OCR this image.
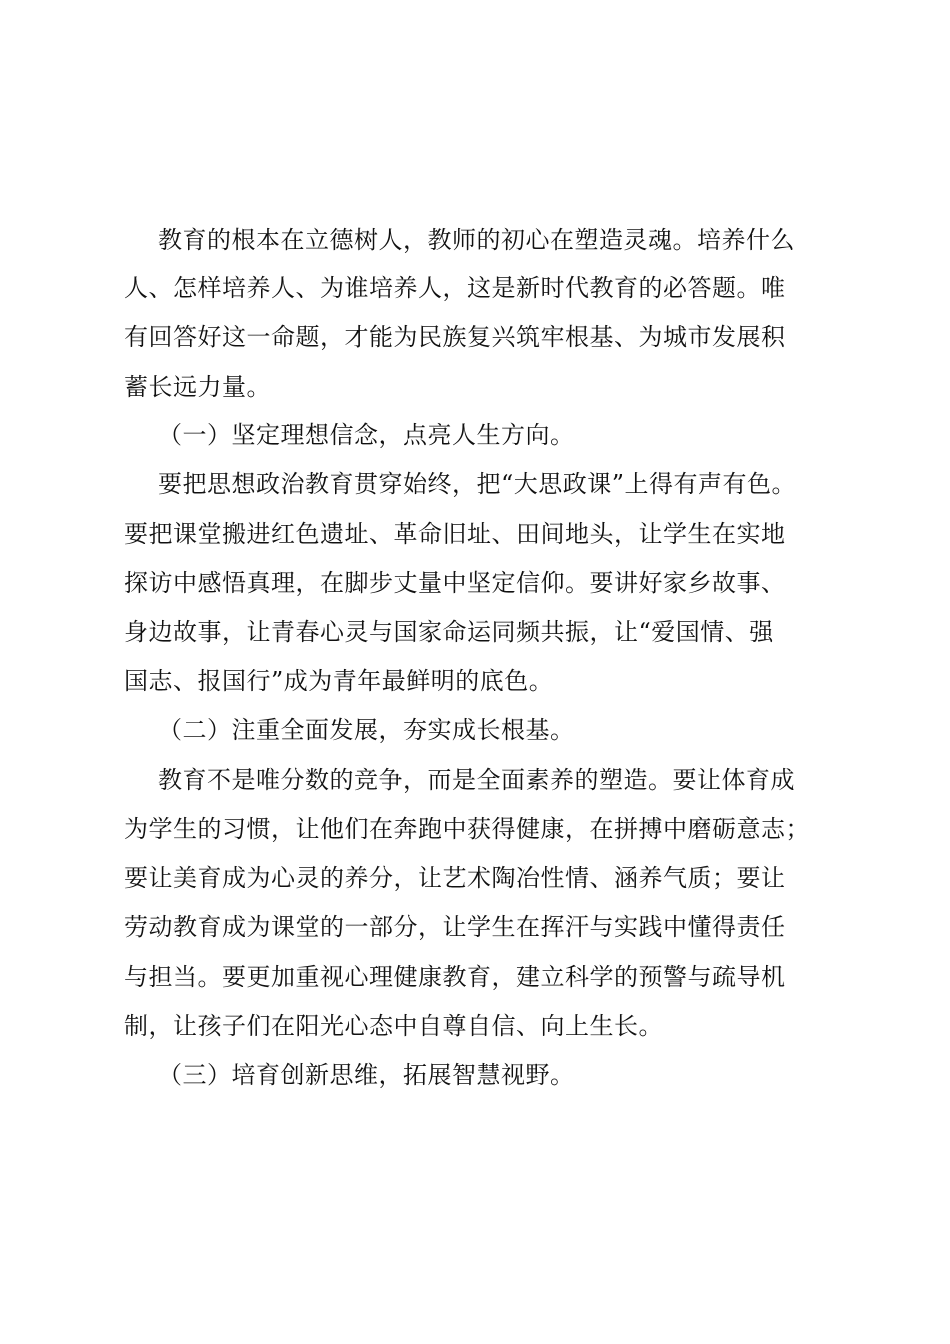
教育的根本在立德树人，教师的初心在塑造灵魂。培养什么
人、怎样培养人、为谁培养人，这是新时代教育的必答题。唯
有回答好这一命题，才能为民族复兴筑牢根基、为城市发展积
蓄长远力量。
（一）坚定理想信念，点亮人生方向。
要把思想政治教育贯穿始终，把“大思政课”上得有声有色。
要把课堂搬进红色遗址、革命旧址、田间地头，让学生在实地
探访中感悟真理，在脚步丈量中坚定信仰。要讲好家乡故事、
身边故事，让青春心灵与国家命运同频共振，让“爱国情、强
国志、报国行”成为青年最鲜明的底色。
（二）注重全面发展，夯实成长根基。
教育不是唯分数的竞争，而是全面素养的塑造。要让体育成
为学生的习惯，让他们在奔跑中获得健康，在拼搏中磨砺意志；
要让美育成为心灵的养分，让艺术陶冶性情、涵养气质；要让
劳动教育成为课堂的一部分，让学生在挥汗与实践中懂得责任
与担当。要更加重视心理健康教育，建立科学的预警与疏导机
制，让孩子们在阳光心态中自尊自信、向上生长。
（三）培育创新思维，拓展智慧视野。
